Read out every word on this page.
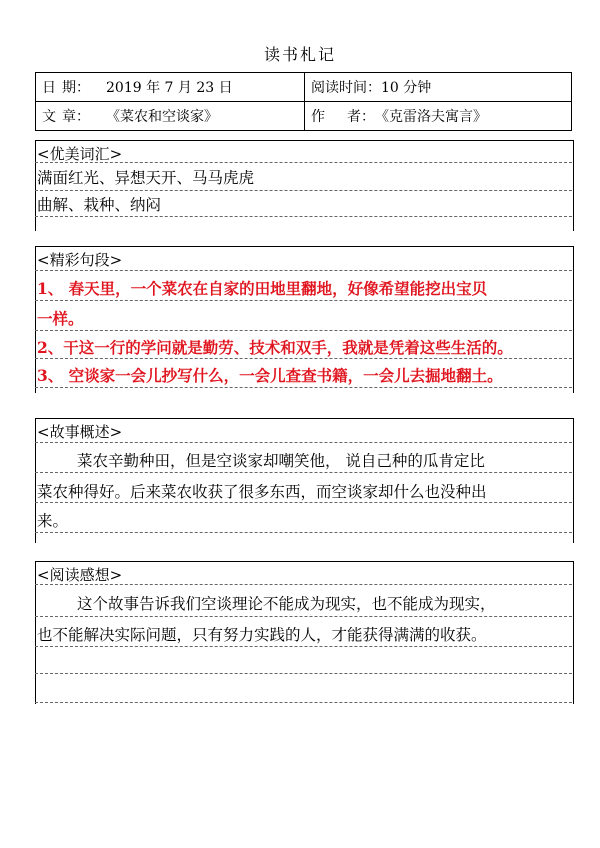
读书札记
日 期： 2019 年 7 月 23 日	阅读时间：10 分钟
文 章： 《菜农和空谈家》	作 者：《克雷洛夫寓言》
<优美词汇>
满面红光、异想天开、马马虎虎
曲解、栽种、纳闷
<精彩句段>
1、 春天里，一个菜农在自家的田地里翻地，好像希望能挖出宝贝
一样。
2、干这一行的学问就是勤劳、技术和双手，我就是凭着这些生活的。
3、 空谈家一会儿抄写什么，一会儿查查书籍，一会儿去掘地翻土。
<故事概述>
菜农辛勤种田，但是空谈家却嘲笑他， 说自己种的瓜肯定比
菜农种得好。后来菜农收获了很多东西，而空谈家却什么也没种出
来。
<阅读感想>
这个故事告诉我们空谈理论不能成为现实，也不能成为现实，
也不能解决实际问题，只有努力实践的人，才能获得满满的收获。
